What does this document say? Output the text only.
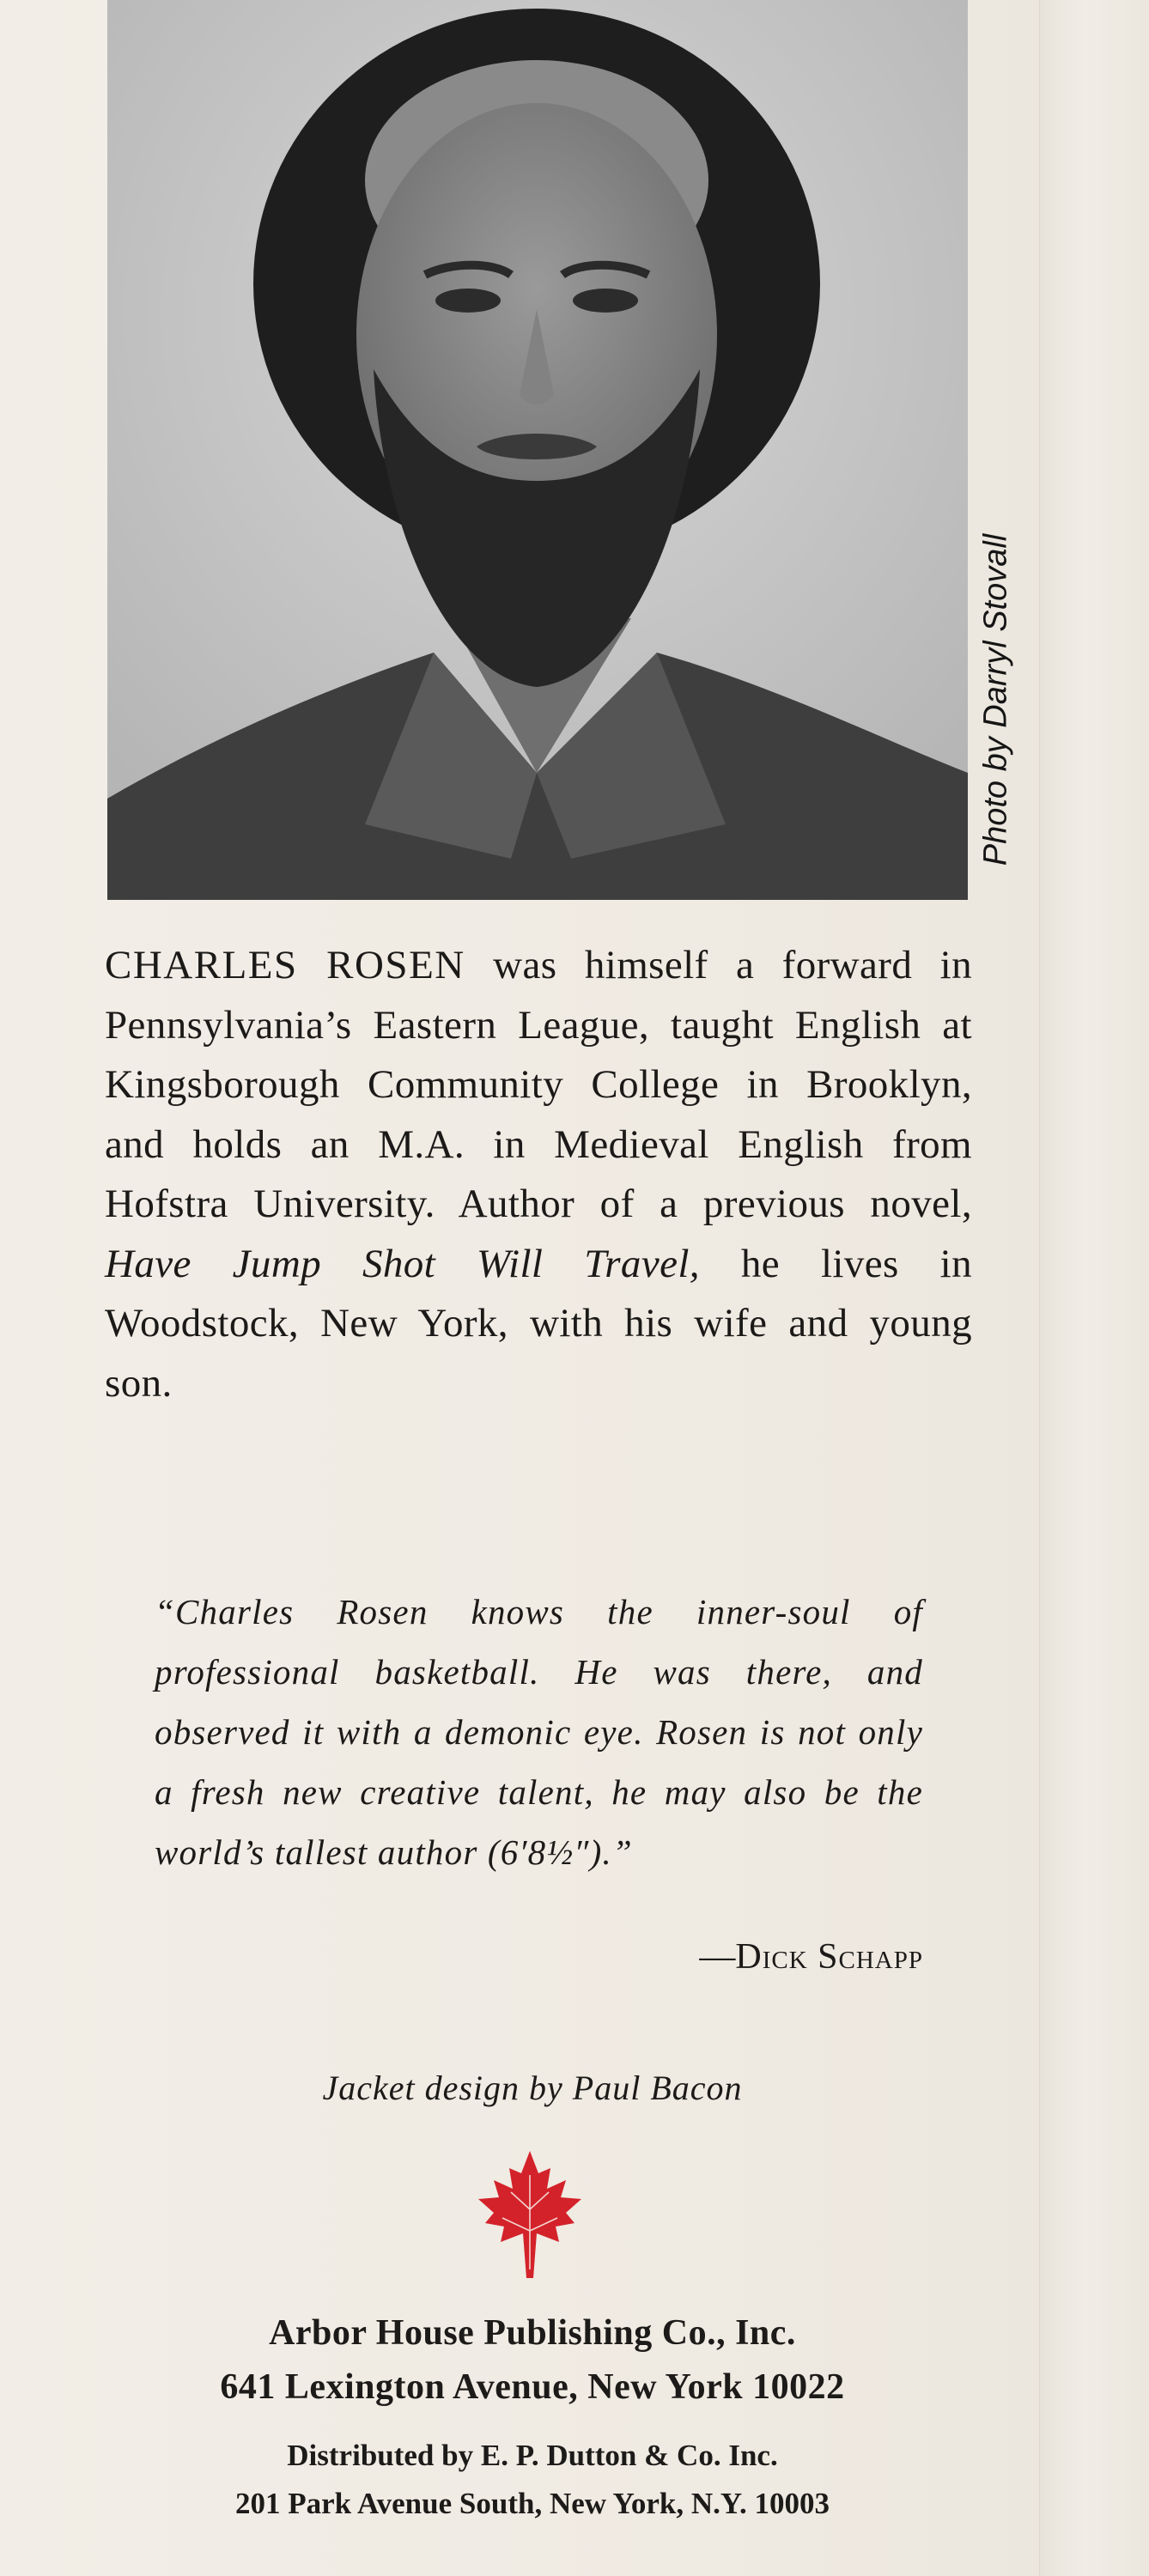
Photo by Darryl Stovall
CHARLES ROSEN was himself a forward in Pennsylvania’s Eastern League, taught English at Kingsborough Community College in Brooklyn, and holds an M.A. in Medieval English from Hofstra University. Author of a previous novel, Have Jump Shot Will Travel, he lives in Woodstock, New York, with his wife and young son.
“Charles Rosen knows the inner-soul of professional basketball. He was there, and observed it with a demonic eye. Rosen is not only a fresh new creative talent, he may also be the world’s tallest author (6′8½″).”
—Dick Schapp
Jacket design by Paul Bacon
Arbor House Publishing Co., Inc.
641 Lexington Avenue, New York 10022
Distributed by E. P. Dutton & Co. Inc.
201 Park Avenue South, New York, N.Y. 10003
